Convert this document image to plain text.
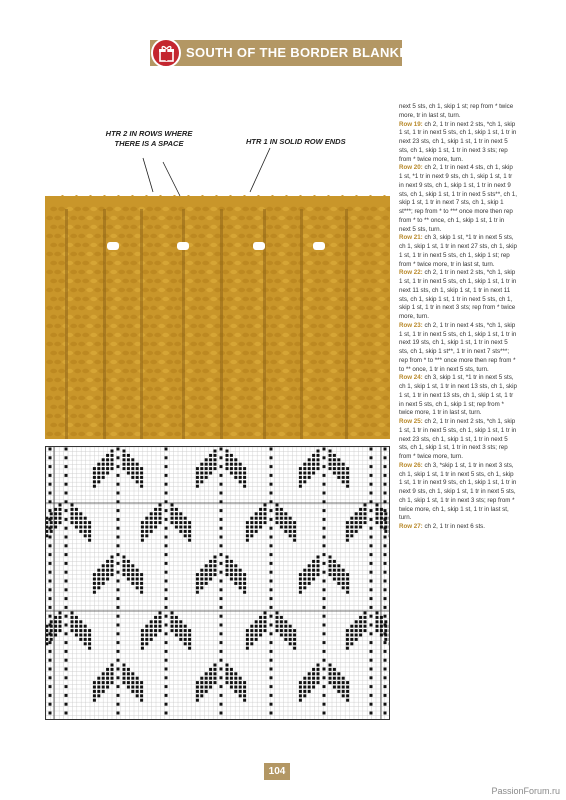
SOUTH OF THE BORDER BLANKET
HTR 2 IN ROWS WHERE
THERE IS A SPACE	HTR 1 IN SOLID ROW ENDS

next 5 sts, ch 1, skip 1 st; rep from * twice more, tr in last st, turn.

Row 19: ch 2, 1 tr in next 2 sts, *ch 1, skip 1 st, 1 tr in next 5 sts, ch 1, skip 1 st, 1 tr in next 23 sts, ch 1, skip 1 st, 1 tr in next 5 sts, ch 1, skip 1 st, 1 tr in next 3 sts; rep from * twice more, turn.

Row 20: ch 2, 1 tr in next 4 sts, ch 1, skip 1 st, *1 tr in next 9 sts, ch 1, skip 1 st, 1 tr in next 9 sts, ch 1, skip 1 st, 1 tr in next 9 sts, ch 1, skip 1 st, 1 tr in next 5 sts**, ch 1, skip 1 st, 1 tr in next 7 sts, ch 1, skip 1 st***; rep from * to *** once more then rep from * to ** once, ch 1, skip 1 st, 1 tr in next 5 sts, turn.

Row 21: ch 3, skip 1 st, *1 tr in next 5 sts, ch 1, skip 1 st, 1 tr in next 27 sts, ch 1, skip 1 st, 1 tr in next 5 sts, ch 1, skip 1 st; rep from * twice more, tr in last st, turn.

Row 22: ch 2, 1 tr in next 2 sts, *ch 1, skip 1 st, 1 tr in next 5 sts, ch 1, skip 1 st, 1 tr in next 11 sts, ch 1, skip 1 st, 1 tr in next 11 sts, ch 1, skip 1 st, 1 tr in next 5 sts, ch 1, skip 1 st, 1 tr in next 3 sts; rep from * twice more, turn.

Row 23: ch 2, 1 tr in next 4 sts, *ch 1, skip 1 st, 1 tr in next 5 sts, ch 1, skip 1 st, 1 tr in next 19 sts, ch 1, skip 1 st, 1 tr in next 5 sts, ch 1, skip 1 st**, 1 tr in next 7 sts***; rep from * to *** once more then rep from * to ** once, 1 tr in next 5 sts, turn.

Row 24: ch 3, skip 1 st, *1 tr in next 5 sts, ch 1, skip 1 st, 1 tr in next 13 sts, ch 1, skip 1 st, 1 tr in next 13 sts, ch 1, skip 1 st, 1 tr in next 5 sts, ch 1, skip 1 st; rep from * twice more, 1 tr in last st, turn.

Row 25: ch 2, 1 tr in next 2 sts, *ch 1, skip 1 st, 1 tr in next 5 sts, ch 1, skip 1 st, 1 tr in next 23 sts, ch 1, skip 1 st, 1 tr in next 5 sts, ch 1, skip 1 st, 1 tr in next 3 sts; rep from * twice more, turn.

Row 26: ch 3, *skip 1 st, 1 tr in next 3 sts, ch 1, skip 1 st, 1 tr in next 5 sts, ch 1, skip 1 st, 1 tr in next 9 sts, ch 1, skip 1 st, 1 tr in next 9 sts, ch 1, skip 1 st, 1 tr in next 5 sts, ch 1, skip 1 st, 1 tr in next 3 sts; rep from * twice more, ch 1, skip 1 st, 1 tr in last st, turn.

Row 27: ch 2, 1 tr in next 6 sts.

104
PassionForum.ru
